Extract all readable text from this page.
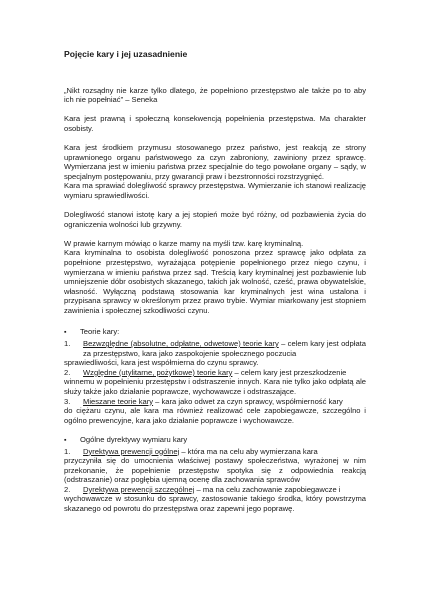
Pojęcie kary i jej uzasadnienie

„Nikt rozsądny nie karze tylko dlatego, że popełniono przestępstwo ale także po to aby ich nie popełniać” – Seneka

Kara jest prawną i społeczną konsekwencją popełnienia przestępstwa. Ma charakter osobisty.

Kara jest środkiem przymusu stosowanego przez państwo, jest reakcją ze strony uprawnionego organu państwowego za czyn zabroniony, zawiniony przez sprawcę. Wymierzana jest w imieniu państwa przez specjalnie do tego powołane organy – sądy, w specjalnym postępowaniu, przy gwarancji praw i bezstronności rozstrzygnięć.

Kara ma sprawiać dolegliwość sprawcy przestępstwa. Wymierzanie ich stanowi realizację wymiaru sprawiedliwości.

Dolegliwość stanowi istotę kary a jej stopień może być różny, od pozbawienia życia do ograniczenia wolności lub grzywny.

W prawie karnym mówiąc o karze mamy na myśli tzw. karę kryminalną.

Kara kryminalna to osobista dolegliwość ponoszona przez sprawcę jako odpłata za popełnione przestępstwo, wyrażająca potępienie popełnionego przez niego czynu, i wymierzana w imieniu państwa przez sąd. Treścią kary kryminalnej jest pozbawienie lub umniejszenie dóbr osobistych skazanego, takich jak wolność, cześć, prawa obywatelskie, własność. Wyłączną podstawą stosowania kar kryminalnych jest wina ustalona i przypisana sprawcy w określonym przez prawo trybie. Wymiar miarkowany jest stopniem zawinienia i społecznej szkodliwości czynu.

▪	Teorie kary:
1.	Bezwzględne (absolutne, odpłatne, odwetowe) teorie kary – celem kary jest odpłata za przestępstwo, kara jako zaspokojenie społecznego poczucia
sprawiedliwości, kara jest współmierna do czynu sprawcy.
2.	Względne (utylitarne, pożytkowe) teorie kary – celem kary jest przeszkodzenie
winnemu w popełnieniu przestępstw i odstraszenie innych. Kara nie tylko jako odpłatą ale służy także jako działanie poprawcze, wychowawcze i odstraszające.
3.	Mieszane teorie kary – kara jako odwet za czyn sprawcy, współmierność kary
do ciężaru czynu, ale kara ma również realizować cele zapobiegawcze, szczególno i ogólno prewencyjne, kara jako działanie poprawcze i wychowawcze.
▪	Ogólne dyrektywy wymiaru kary
1.	Dyrektywa prewencji ogólnej – która ma na celu aby wymierzana kara
przyczyniła się do umocnienia właściwej postawy społeczeństwa, wyrażonej w nim przekonanie, że popełnienie przestępstw spotyka się z odpowiednia reakcją (odstraszanie) oraz pogłębia ujemną ocenę dla zachowania sprawców
2.	Dyrektywa prewencji szczególnej – ma na celu zachowanie zapobiegawcze i
wychowawcze w stosunku do sprawcy, zastosowanie takiego środka, który powstrzyma skazanego od powrotu do przestępstwa oraz zapewni jego poprawę.
